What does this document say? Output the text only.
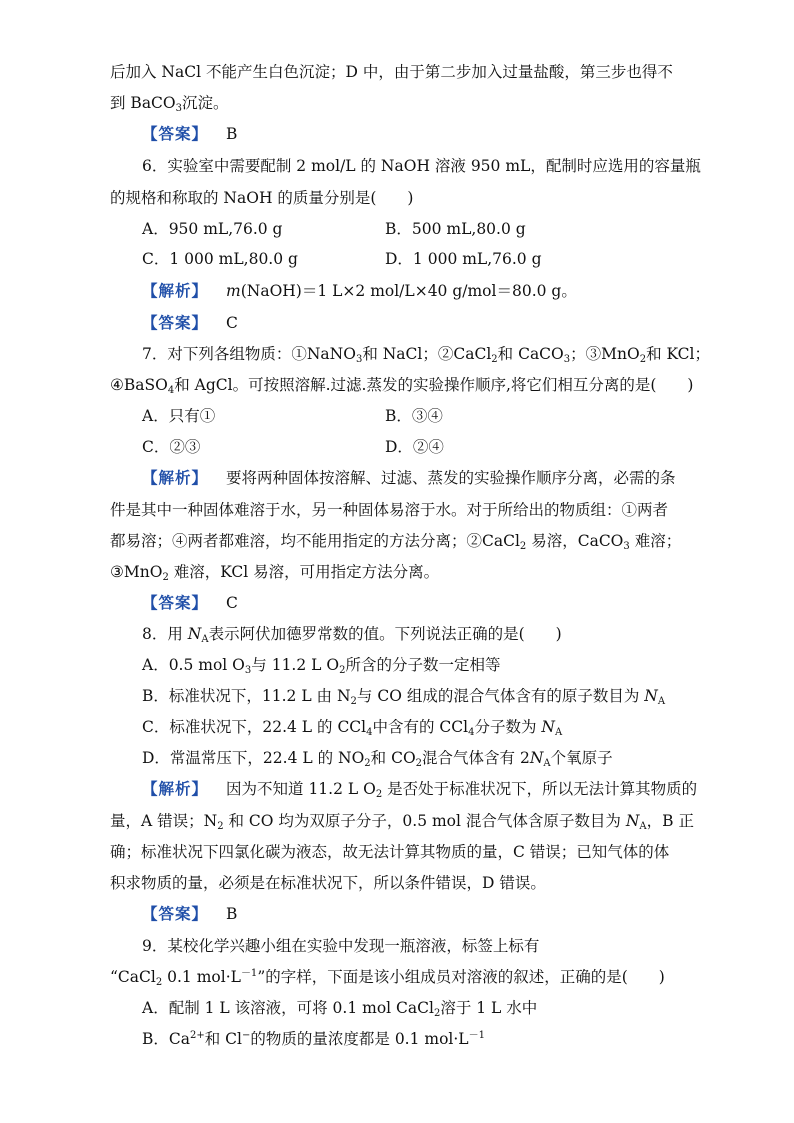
后加入 NaCl 不能产生白色沉淀；D 中，由于第二步加入过量盐酸，第三步也得不
到 BaCO$_3$沉淀。
【答案】 B
6．实验室中需要配制 2 mol/L 的 NaOH 溶液 950 mL，配制时应选用的容量瓶
的规格和称取的 NaOH 的质量分别是(　　)
A．950 mL,76.0 g	B．500 mL,80.0 g
C．1 000 mL,80.0 g	D．1 000 mL,76.0 g
【解析】 m(NaOH)＝1 L×2 mol/L×40 g/mol＝80.0 g。
【答案】 C
7．对下列各组物质：①NaNO$_3$和 NaCl；②CaCl$_2$和 CaCO$_3$；③MnO$_2$和 KCl；
④BaSO$_4$和 AgCl。可按照溶解.过滤.蒸发的实验操作顺序,将它们相互分离的是(　　)
A．只有①	B．③④
C．②③	D．②④
【解析】 要将两种固体按溶解、过滤、蒸发的实验操作顺序分离，必需的条
件是其中一种固体难溶于水，另一种固体易溶于水。对于所给出的物质组：①两者
都易溶；④两者都难溶，均不能用指定的方法分离；②CaCl$_2$ 易溶，CaCO$_3$ 难溶；
③MnO$_2$ 难溶，KCl 易溶，可用指定方法分离。
【答案】 C
8．用 $N_A$表示阿伏加德罗常数的值。下列说法正确的是(　　)
A．0.5 mol $O_3$与 11.2 L $O_2$所含的分子数一定相等
B．标准状况下，11.2 L 由 $N_2$与 CO 组成的混合气体含有的原子数目为 $N_A$
C．标准状况下，22.4 L 的 CCl$_4$中含有的 CCl$_4$分子数为 $N_A$
D．常温常压下，22.4 L 的 $NO_2$和 $CO_2$混合气体含有 $2N_A$个氧原子
【解析】 因为不知道 11.2 L $O_2$ 是否处于标准状况下，所以无法计算其物质的
量，A 错误；$N_2$ 和 CO 均为双原子分子，0.5 mol 混合气体含原子数目为 $N_A$，B 正
确；标准状况下四氯化碳为液态，故无法计算其物质的量，C 错误；已知气体的体
积求物质的量，必须是在标准状况下，所以条件错误，D 错误。
【答案】 B
9．某校化学兴趣小组在实验中发现一瓶溶液，标签上标有
“CaCl$_2$ 0.1 $mol\cdot L^{-1}$”的字样，下面是该小组成员对溶液的叙述，正确的是(　　)
A．配制 1 L 该溶液，可将 0.1 mol CaCl$_2$溶于 1 L 水中
B．$Ca^{2+}$和 Cl−的物质的量浓度都是 0.1 $mol\cdot L^{-1}$
